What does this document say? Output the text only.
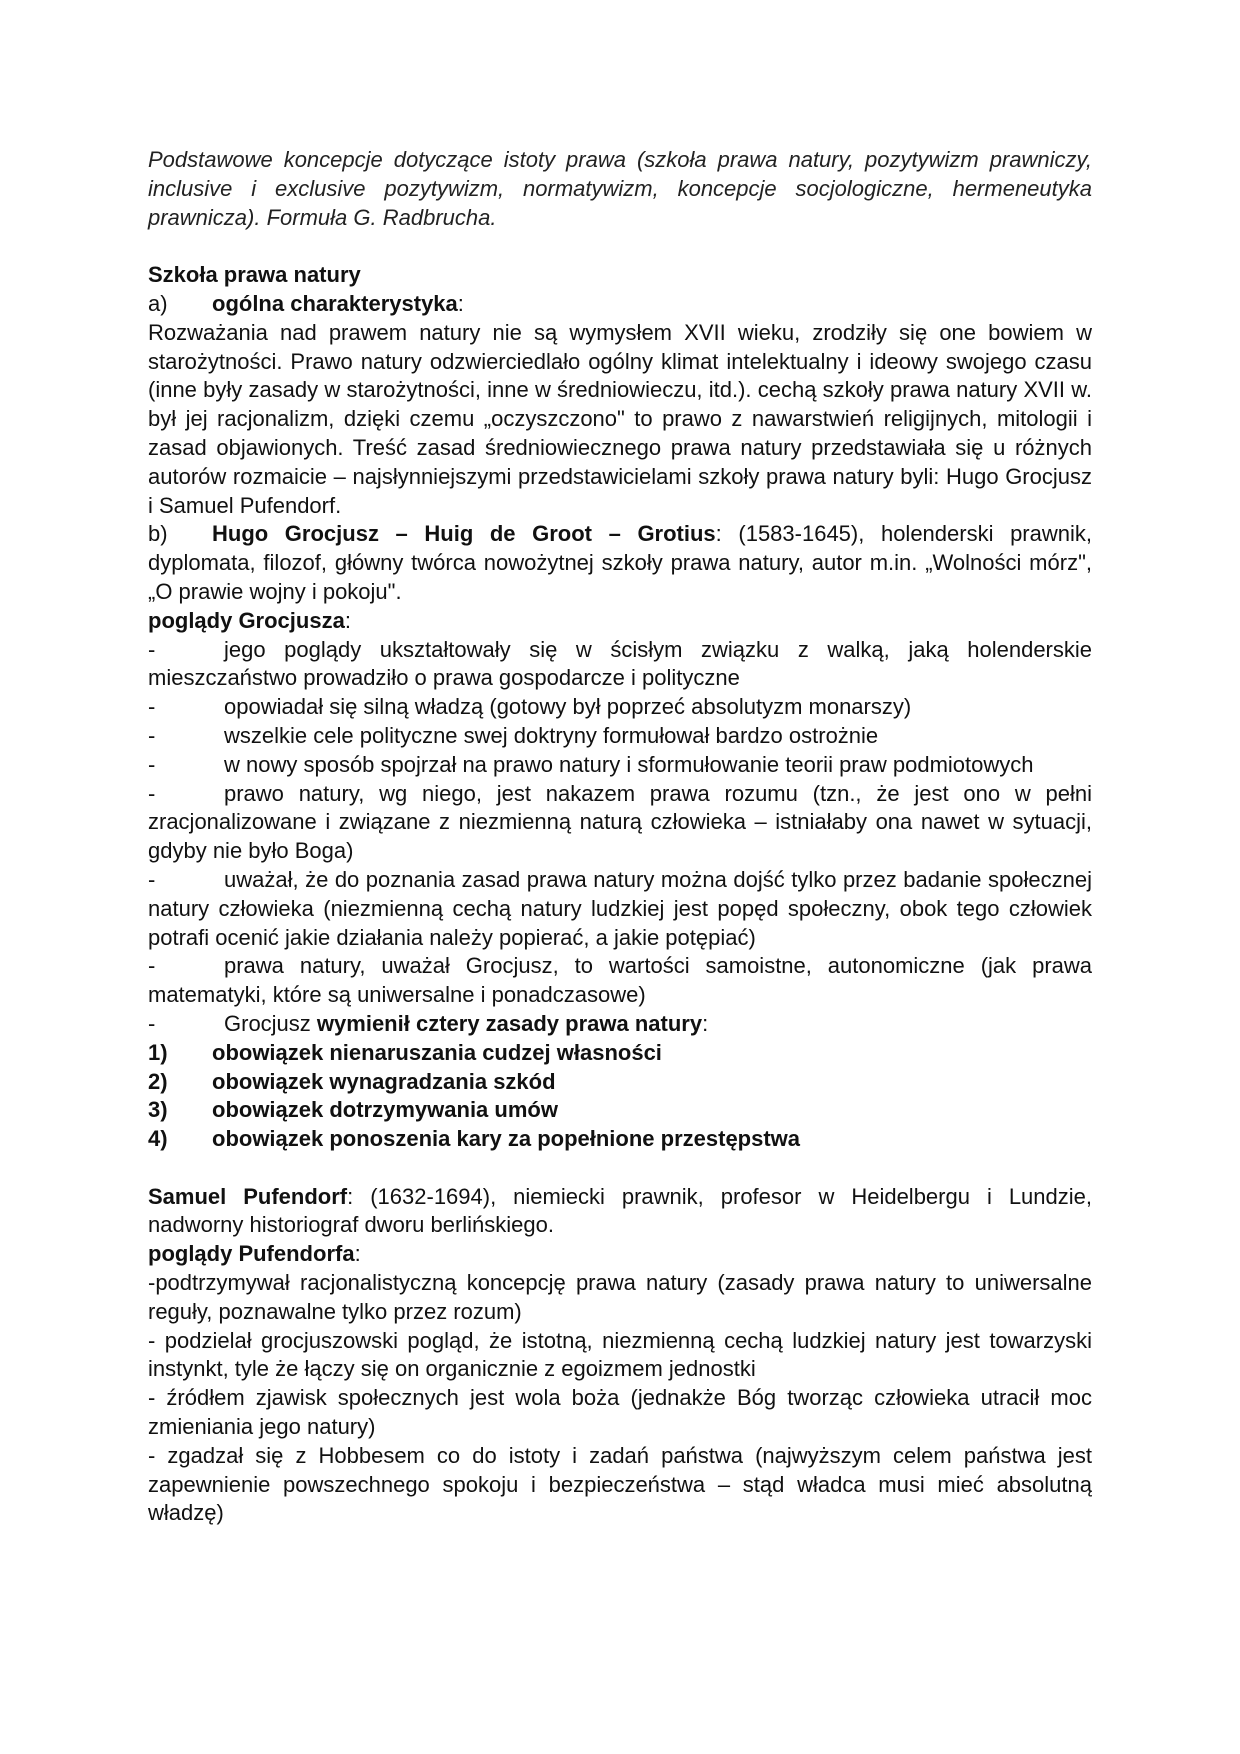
Podstawowe koncepcje dotyczące istoty prawa (szkoła prawa natury, pozytywizm prawniczy, inclusive i exclusive pozytywizm, normatywizm, koncepcje socjologiczne, hermeneutyka prawnicza). Formuła G. Radbrucha.

Szkoła prawa natury

a) ogólna charakterystyka:

Rozważania nad prawem natury nie są wymysłem XVII wieku, zrodziły się one bowiem w starożytności. Prawo natury odzwierciedlało ogólny klimat intelektualny i ideowy swojego czasu (inne były zasady w starożytności, inne w średniowieczu, itd.). cechą szkoły prawa natury XVII w. był jej racjonalizm, dzięki czemu „oczyszczono" to prawo z nawarstwień religijnych, mitologii i zasad objawionych. Treść zasad średniowiecznego prawa natury przedstawiała się u różnych autorów rozmaicie – najsłynniejszymi przedstawicielami szkoły prawa natury byli: Hugo Grocjusz i Samuel Pufendorf.

b) Hugo Grocjusz – Huig de Groot – Grotius: (1583-1645), holenderski prawnik, dyplomata, filozof, główny twórca nowożytnej szkoły prawa natury, autor m.in. „Wolności mórz", „O prawie wojny i pokoju".

poglądy Grocjusza:

-	jego poglądy ukształtowały się w ścisłym związku z walką, jaką holenderskie mieszczaństwo prowadziło o prawa gospodarcze i polityczne

-	opowiadał się silną władzą (gotowy był poprzeć absolutyzm monarszy)

-	wszelkie cele polityczne swej doktryny formułował bardzo ostrożnie

-	w nowy sposób spojrzał na prawo natury i sformułowanie teorii praw podmiotowych

-	prawo natury, wg niego, jest nakazem prawa rozumu (tzn., że jest ono w pełni zracjonalizowane i związane z niezmienną naturą człowieka – istniałaby ona nawet w sytuacji, gdyby nie było Boga)

-	uważał, że do poznania zasad prawa natury można dojść tylko przez badanie społecznej natury człowieka (niezmienną cechą natury ludzkiej jest popęd społeczny, obok tego człowiek potrafi ocenić jakie działania należy popierać, a jakie potępiać)

-	prawa natury, uważał Grocjusz, to wartości samoistne, autonomiczne (jak prawa matematyki, które są uniwersalne i ponadczasowe)

-	Grocjusz wymienił cztery zasady prawa natury:

1) obowiązek nienaruszania cudzej własności

2) obowiązek wynagradzania szkód

3) obowiązek dotrzymywania umów

4) obowiązek ponoszenia kary za popełnione przestępstwa

Samuel Pufendorf: (1632-1694), niemiecki prawnik, profesor w Heidelbergu i Lundzie, nadworny historiograf dworu berlińskiego.

poglądy Pufendorfa:

-podtrzymywał racjonalistyczną koncepcję prawa natury (zasady prawa natury to uniwersalne reguły, poznawalne tylko przez rozum)

- podzielał grocjuszowski pogląd, że istotną, niezmienną cechą ludzkiej natury jest towarzyski instynkt, tyle że łączy się on organicznie z egoizmem jednostki

- źródłem zjawisk społecznych jest wola boża (jednakże Bóg tworząc człowieka utracił moc zmieniania jego natury)

- zgadzał się z Hobbesem co do istoty i zadań państwa (najwyższym celem państwa jest zapewnienie powszechnego spokoju i bezpieczeństwa – stąd władca musi mieć absolutną władzę)
